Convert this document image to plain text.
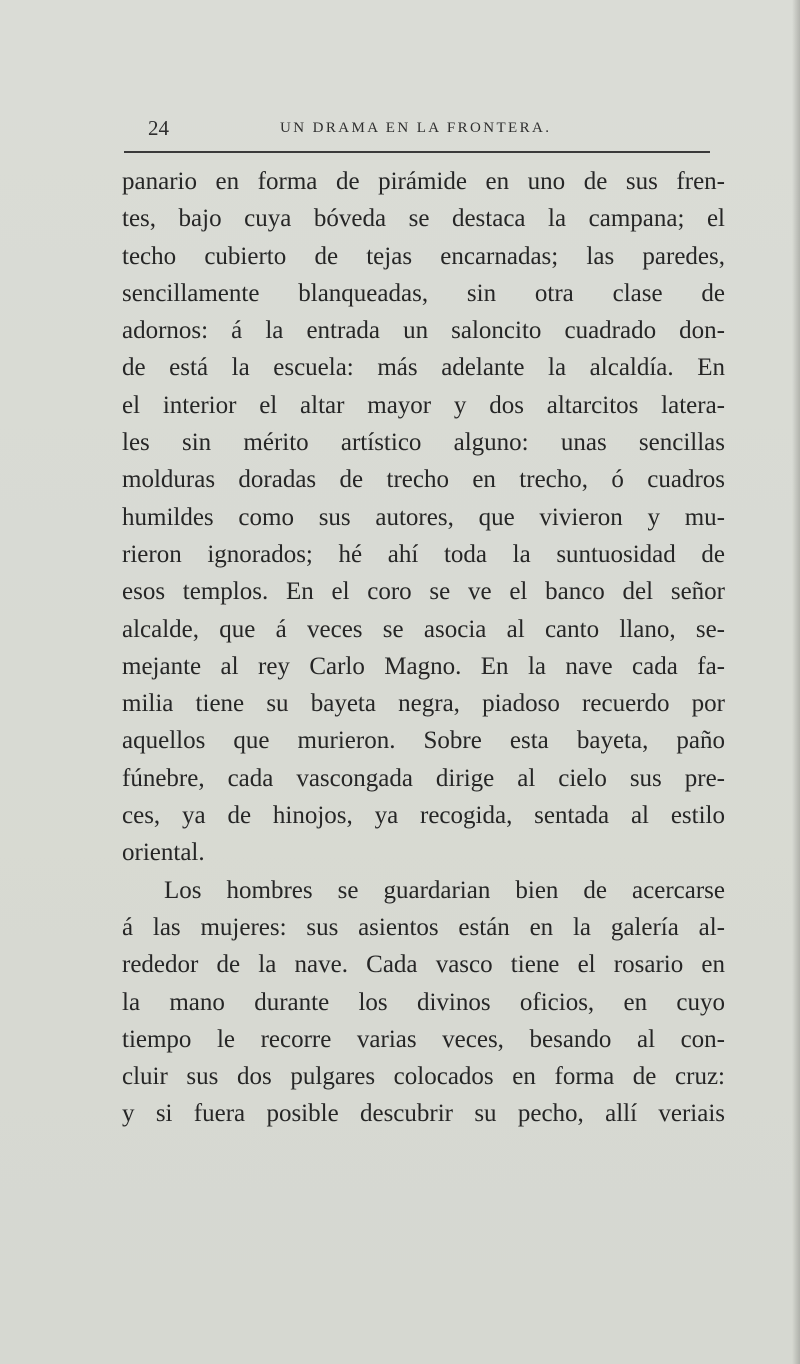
24	UN DRAMA EN LA FRONTERA.
panario en forma de pirámide en uno de sus fren-
tes, bajo cuya bóveda se destaca la campana; el
techo cubierto de tejas encarnadas; las paredes,
sencillamente blanqueadas, sin otra clase de
adornos: á la entrada un saloncito cuadrado don-
de está la escuela: más adelante la alcaldía. En
el interior el altar mayor y dos altarcitos latera-
les sin mérito artístico alguno: unas sencillas
molduras doradas de trecho en trecho, ó cuadros
humildes como sus autores, que vivieron y mu-
rieron ignorados; hé ahí toda la suntuosidad de
esos templos. En el coro se ve el banco del señor
alcalde, que á veces se asocia al canto llano, se-
mejante al rey Carlo Magno. En la nave cada fa-
milia tiene su bayeta negra, piadoso recuerdo por
aquellos que murieron. Sobre esta bayeta, paño
fúnebre, cada vascongada dirige al cielo sus pre-
ces, ya de hinojos, ya recogida, sentada al estilo
oriental.
Los hombres se guardarian bien de acercarse
á las mujeres: sus asientos están en la galería al-
rededor de la nave. Cada vasco tiene el rosario en
la mano durante los divinos oficios, en cuyo
tiempo le recorre varias veces, besando al con-
cluir sus dos pulgares colocados en forma de cruz:
y si fuera posible descubrir su pecho, allí veriais
